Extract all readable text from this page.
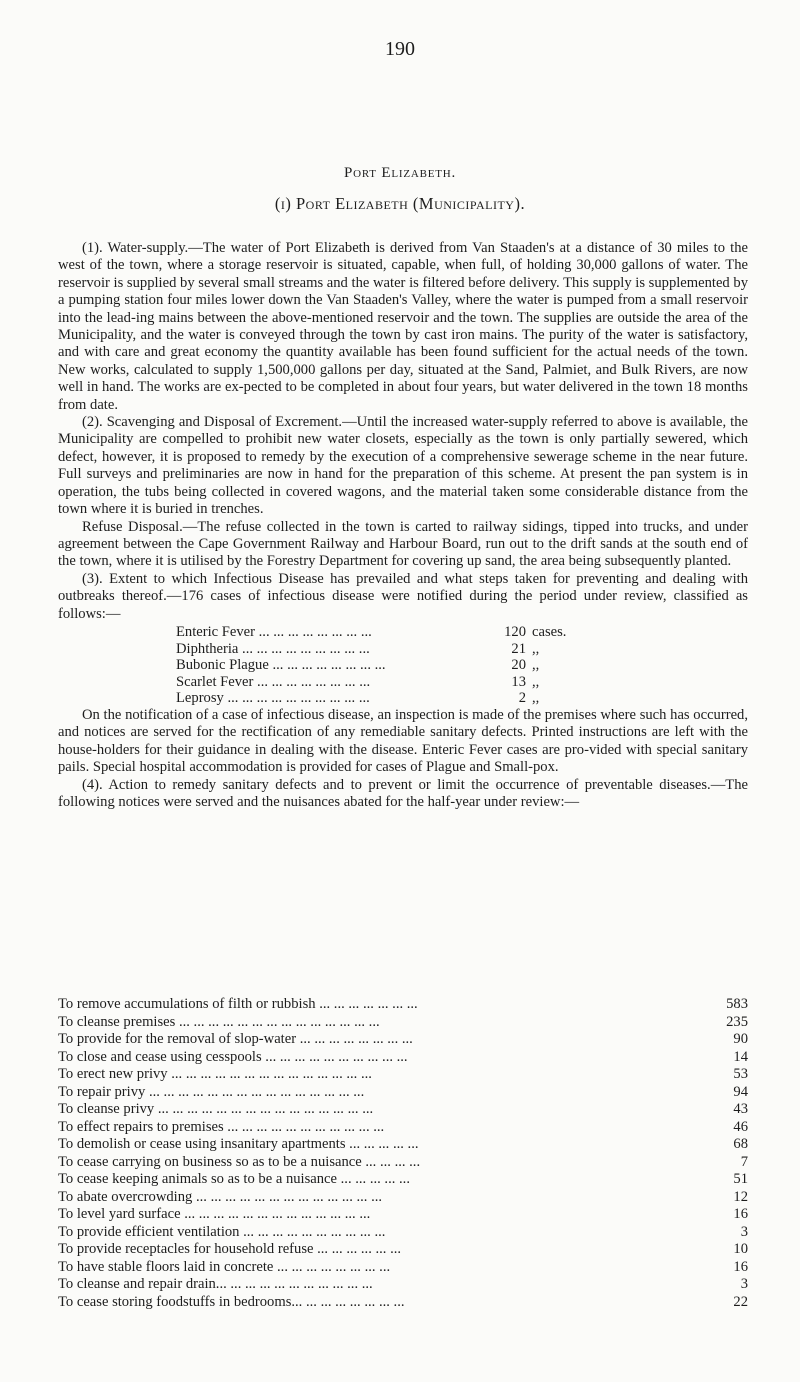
190
Port Elizabeth.
(i) Port Elizabeth (Municipality).

(1). Water-supply.—The water of Port Elizabeth is derived from Van Staaden's at a distance of 30 miles to the west of the town, where a storage reservoir is situated, capable, when full, of holding 30,000 gallons of water. The reservoir is supplied by several small streams and the water is filtered before delivery. This supply is supplemented by a pumping station four miles lower down the Van Staaden's Valley, where the water is pumped from a small reservoir into the lead-ing mains between the above-mentioned reservoir and the town. The supplies are outside the area of the Municipality, and the water is conveyed through the town by cast iron mains. The purity of the water is satisfactory, and with care and great economy the quantity available has been found sufficient for the actual needs of the town. New works, calculated to supply 1,500,000 gallons per day, situated at the Sand, Palmiet, and Bulk Rivers, are now well in hand. The works are ex-pected to be completed in about four years, but water delivered in the town 18 months from date.

(2). Scavenging and Disposal of Excrement.—Until the increased water-supply referred to above is available, the Municipality are compelled to prohibit new water closets, especially as the town is only partially sewered, which defect, however, it is proposed to remedy by the execution of a comprehensive sewerage scheme in the near future. Full surveys and preliminaries are now in hand for the preparation of this scheme. At present the pan system is in operation, the tubs being collected in covered wagons, and the material taken some considerable distance from the town where it is buried in trenches.

Refuse Disposal.—The refuse collected in the town is carted to railway sidings, tipped into trucks, and under agreement between the Cape Government Railway and Harbour Board, run out to the drift sands at the south end of the town, where it is utilised by the Forestry Department for covering up sand, the area being subsequently planted.

(3). Extent to which Infectious Disease has prevailed and what steps taken for preventing and dealing with outbreaks thereof.—176 cases of infectious disease were notified during the period under review, classified as follows:—

Enteric Fever ... ... ... ... ... ... ... ...	120	cases.
Diphtheria ... ... ... ... ... ... ... ... ...	21	,,
Bubonic Plague ... ... ... ... ... ... ... ...	20	,,
Scarlet Fever ... ... ... ... ... ... ... ...	13	,,
Leprosy ... ... ... ... ... ... ... ... ... ...	2	,,

On the notification of a case of infectious disease, an inspection is made of the premises where such has occurred, and notices are served for the rectification of any remediable sanitary defects. Printed instructions are left with the house-holders for their guidance in dealing with the disease. Enteric Fever cases are pro-vided with special sanitary pails. Special hospital accommodation is provided for cases of Plague and Small-pox.

(4). Action to remedy sanitary defects and to prevent or limit the occurrence of preventable diseases.—The following notices were served and the nuisances abated for the half-year under review:—

To remove accumulations of filth or rubbish ... ... ... ... ... ... ...	583
To cleanse premises ... ... ... ... ... ... ... ... ... ... ... ... ... ...	235
To provide for the removal of slop-water ... ... ... ... ... ... ... ...	90
To close and cease using cesspools ... ... ... ... ... ... ... ... ... ...	14
To erect new privy ... ... ... ... ... ... ... ... ... ... ... ... ... ...	53
To repair privy ... ... ... ... ... ... ... ... ... ... ... ... ... ... ...	94
To cleanse privy ... ... ... ... ... ... ... ... ... ... ... ... ... ... ...	43
To effect repairs to premises ... ... ... ... ... ... ... ... ... ... ...	46
To demolish or cease using insanitary apartments ... ... ... ... ...	68
To cease carrying on business so as to be a nuisance ... ... ... ...	7
To cease keeping animals so as to be a nuisance ... ... ... ... ...	51
To abate overcrowding ... ... ... ... ... ... ... ... ... ... ... ... ...	12
To level yard surface ... ... ... ... ... ... ... ... ... ... ... ... ...	16
To provide efficient ventilation ... ... ... ... ... ... ... ... ... ...	3
To provide receptacles for household refuse ... ... ... ... ... ...	10
To have stable floors laid in concrete ... ... ... ... ... ... ... ...	16
To cleanse and repair drain... ... ... ... ... ... ... ... ... ... ...	3
To cease storing foodstuffs in bedrooms... ... ... ... ... ... ... ...	22
